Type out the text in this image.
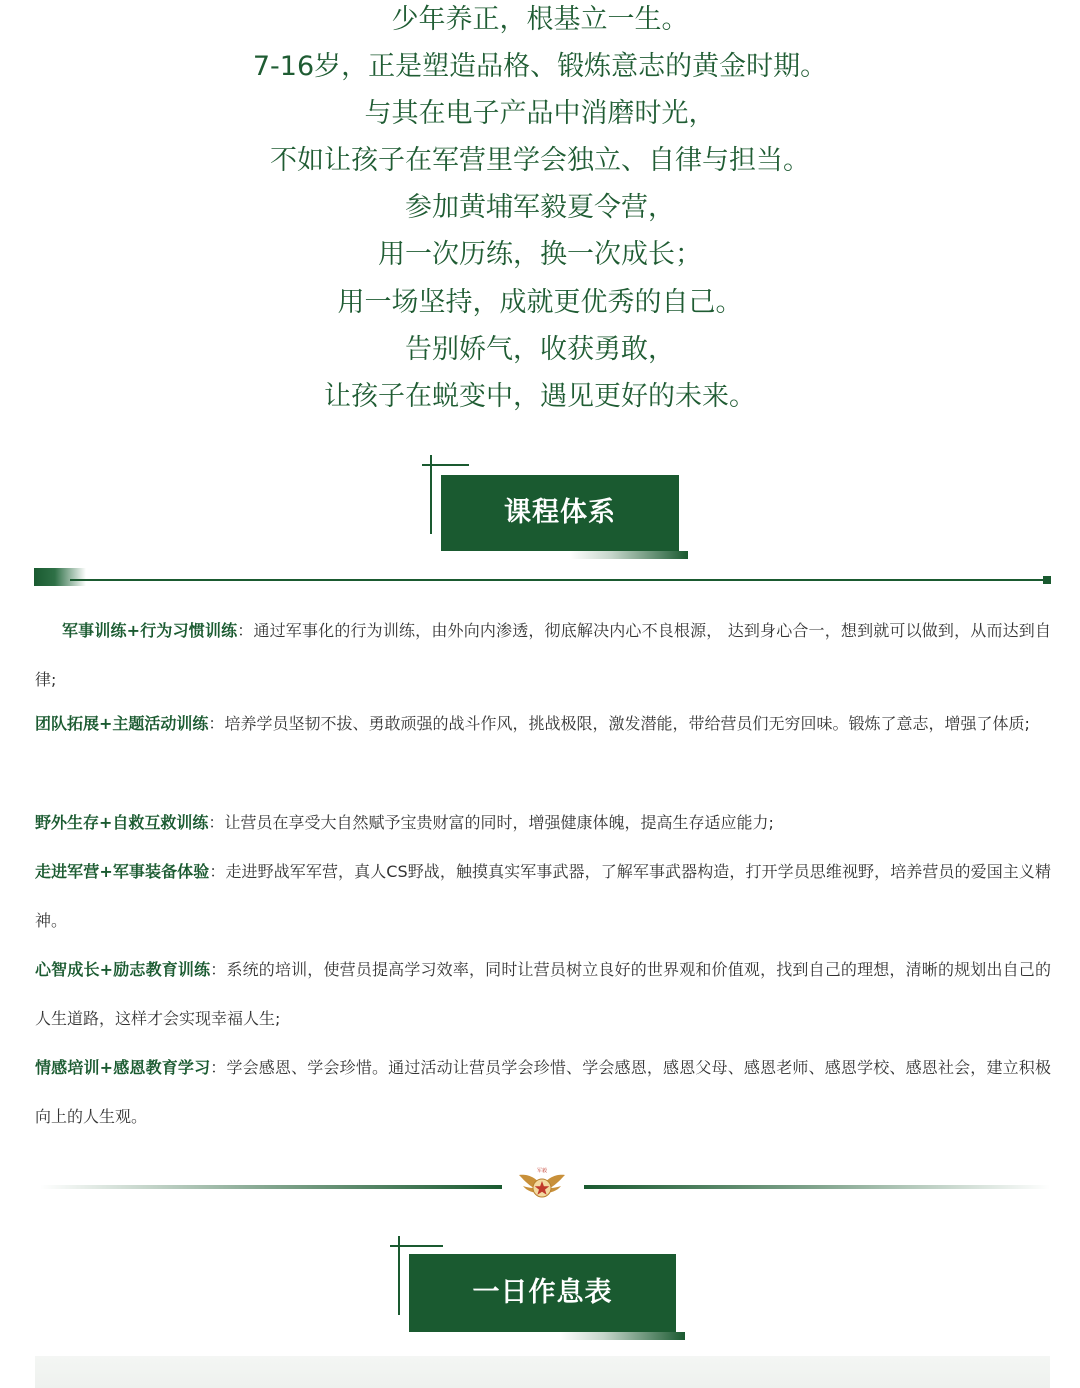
少年养正，根基立一生。
7-16岁，正是塑造品格、锻炼意志的黄金时期。
与其在电子产品中消磨时光，
不如让孩子在军营里学会独立、自律与担当。
参加黄埔军毅夏令营，
用一次历练，换一次成长；
用一场坚持，成就更优秀的自己。
告别娇气，收获勇敢，
让孩子在蜕变中，遇见更好的未来。
课程体系

军事训练+行为习惯训练：通过军事化的行为训练，由外向内渗透，彻底解决内心不良根源， 达到身心合一，想到就可以做到，从而达到自律;

团队拓展+主题活动训练：培养学员坚韧不拔、勇敢顽强的战斗作风，挑战极限，激发潜能，带给营员们无穷回味。锻炼了意志，增强了体质;

野外生存+自救互救训练：让营员在享受大自然赋予宝贵财富的同时，增强健康体魄，提高生存适应能力;

走进军营+军事装备体验：走进野战军军营，真人CS野战，触摸真实军事武器，了解军事武器构造，打开学员思维视野，培养营员的爱国主义精神。

心智成长+励志教育训练：系统的培训，使营员提高学习效率，同时让营员树立良好的世界观和价值观，找到自己的理想，清晰的规划出自己的人生道路，这样才会实现幸福人生;

情感培训+感恩教育学习：学会感恩、学会珍惜。通过活动让营员学会珍惜、学会感恩，感恩父母、感恩老师、感恩学校、感恩社会，建立积极向上的人生观。

军毅
一日作息表
